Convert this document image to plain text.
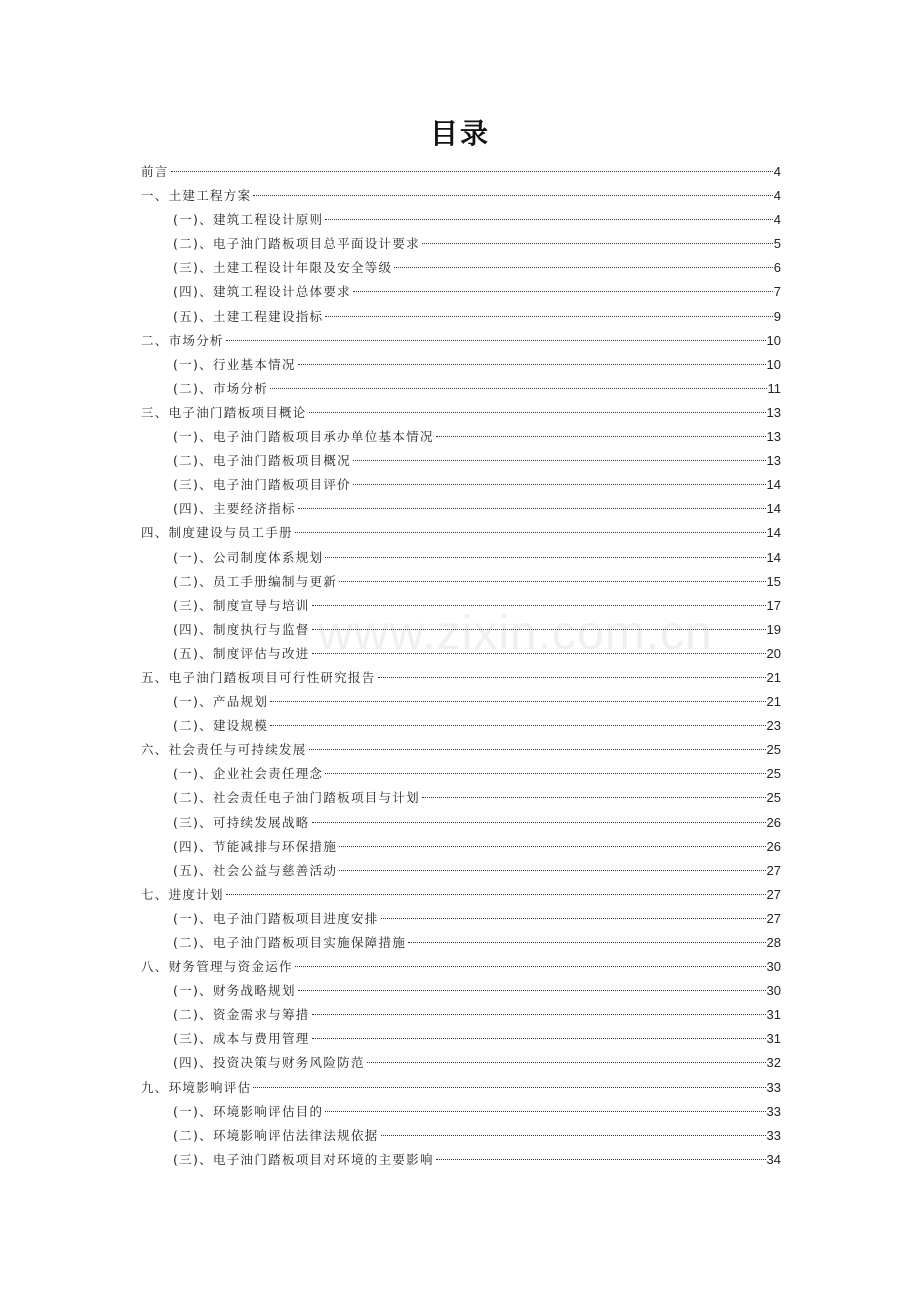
目录
www.zixin.com.cn
前言	4
一、土建工程方案	4
(一)、建筑工程设计原则	4
(二)、电子油门踏板项目总平面设计要求	5
(三)、土建工程设计年限及安全等级	6
(四)、建筑工程设计总体要求	7
(五)、土建工程建设指标	9
二、市场分析	10
(一)、行业基本情况	10
(二)、市场分析	11
三、电子油门踏板项目概论	13
(一)、电子油门踏板项目承办单位基本情况	13
(二)、电子油门踏板项目概况	13
(三)、电子油门踏板项目评价	14
(四)、主要经济指标	14
四、制度建设与员工手册	14
(一)、公司制度体系规划	14
(二)、员工手册编制与更新	15
(三)、制度宣导与培训	17
(四)、制度执行与监督	19
(五)、制度评估与改进	20
五、电子油门踏板项目可行性研究报告	21
(一)、产品规划	21
(二)、建设规模	23
六、社会责任与可持续发展	25
(一)、企业社会责任理念	25
(二)、社会责任电子油门踏板项目与计划	25
(三)、可持续发展战略	26
(四)、节能减排与环保措施	26
(五)、社会公益与慈善活动	27
七、进度计划	27
(一)、电子油门踏板项目进度安排	27
(二)、电子油门踏板项目实施保障措施	28
八、财务管理与资金运作	30
(一)、财务战略规划	30
(二)、资金需求与筹措	31
(三)、成本与费用管理	31
(四)、投资决策与财务风险防范	32
九、环境影响评估	33
(一)、环境影响评估目的	33
(二)、环境影响评估法律法规依据	33
(三)、电子油门踏板项目对环境的主要影响	34
